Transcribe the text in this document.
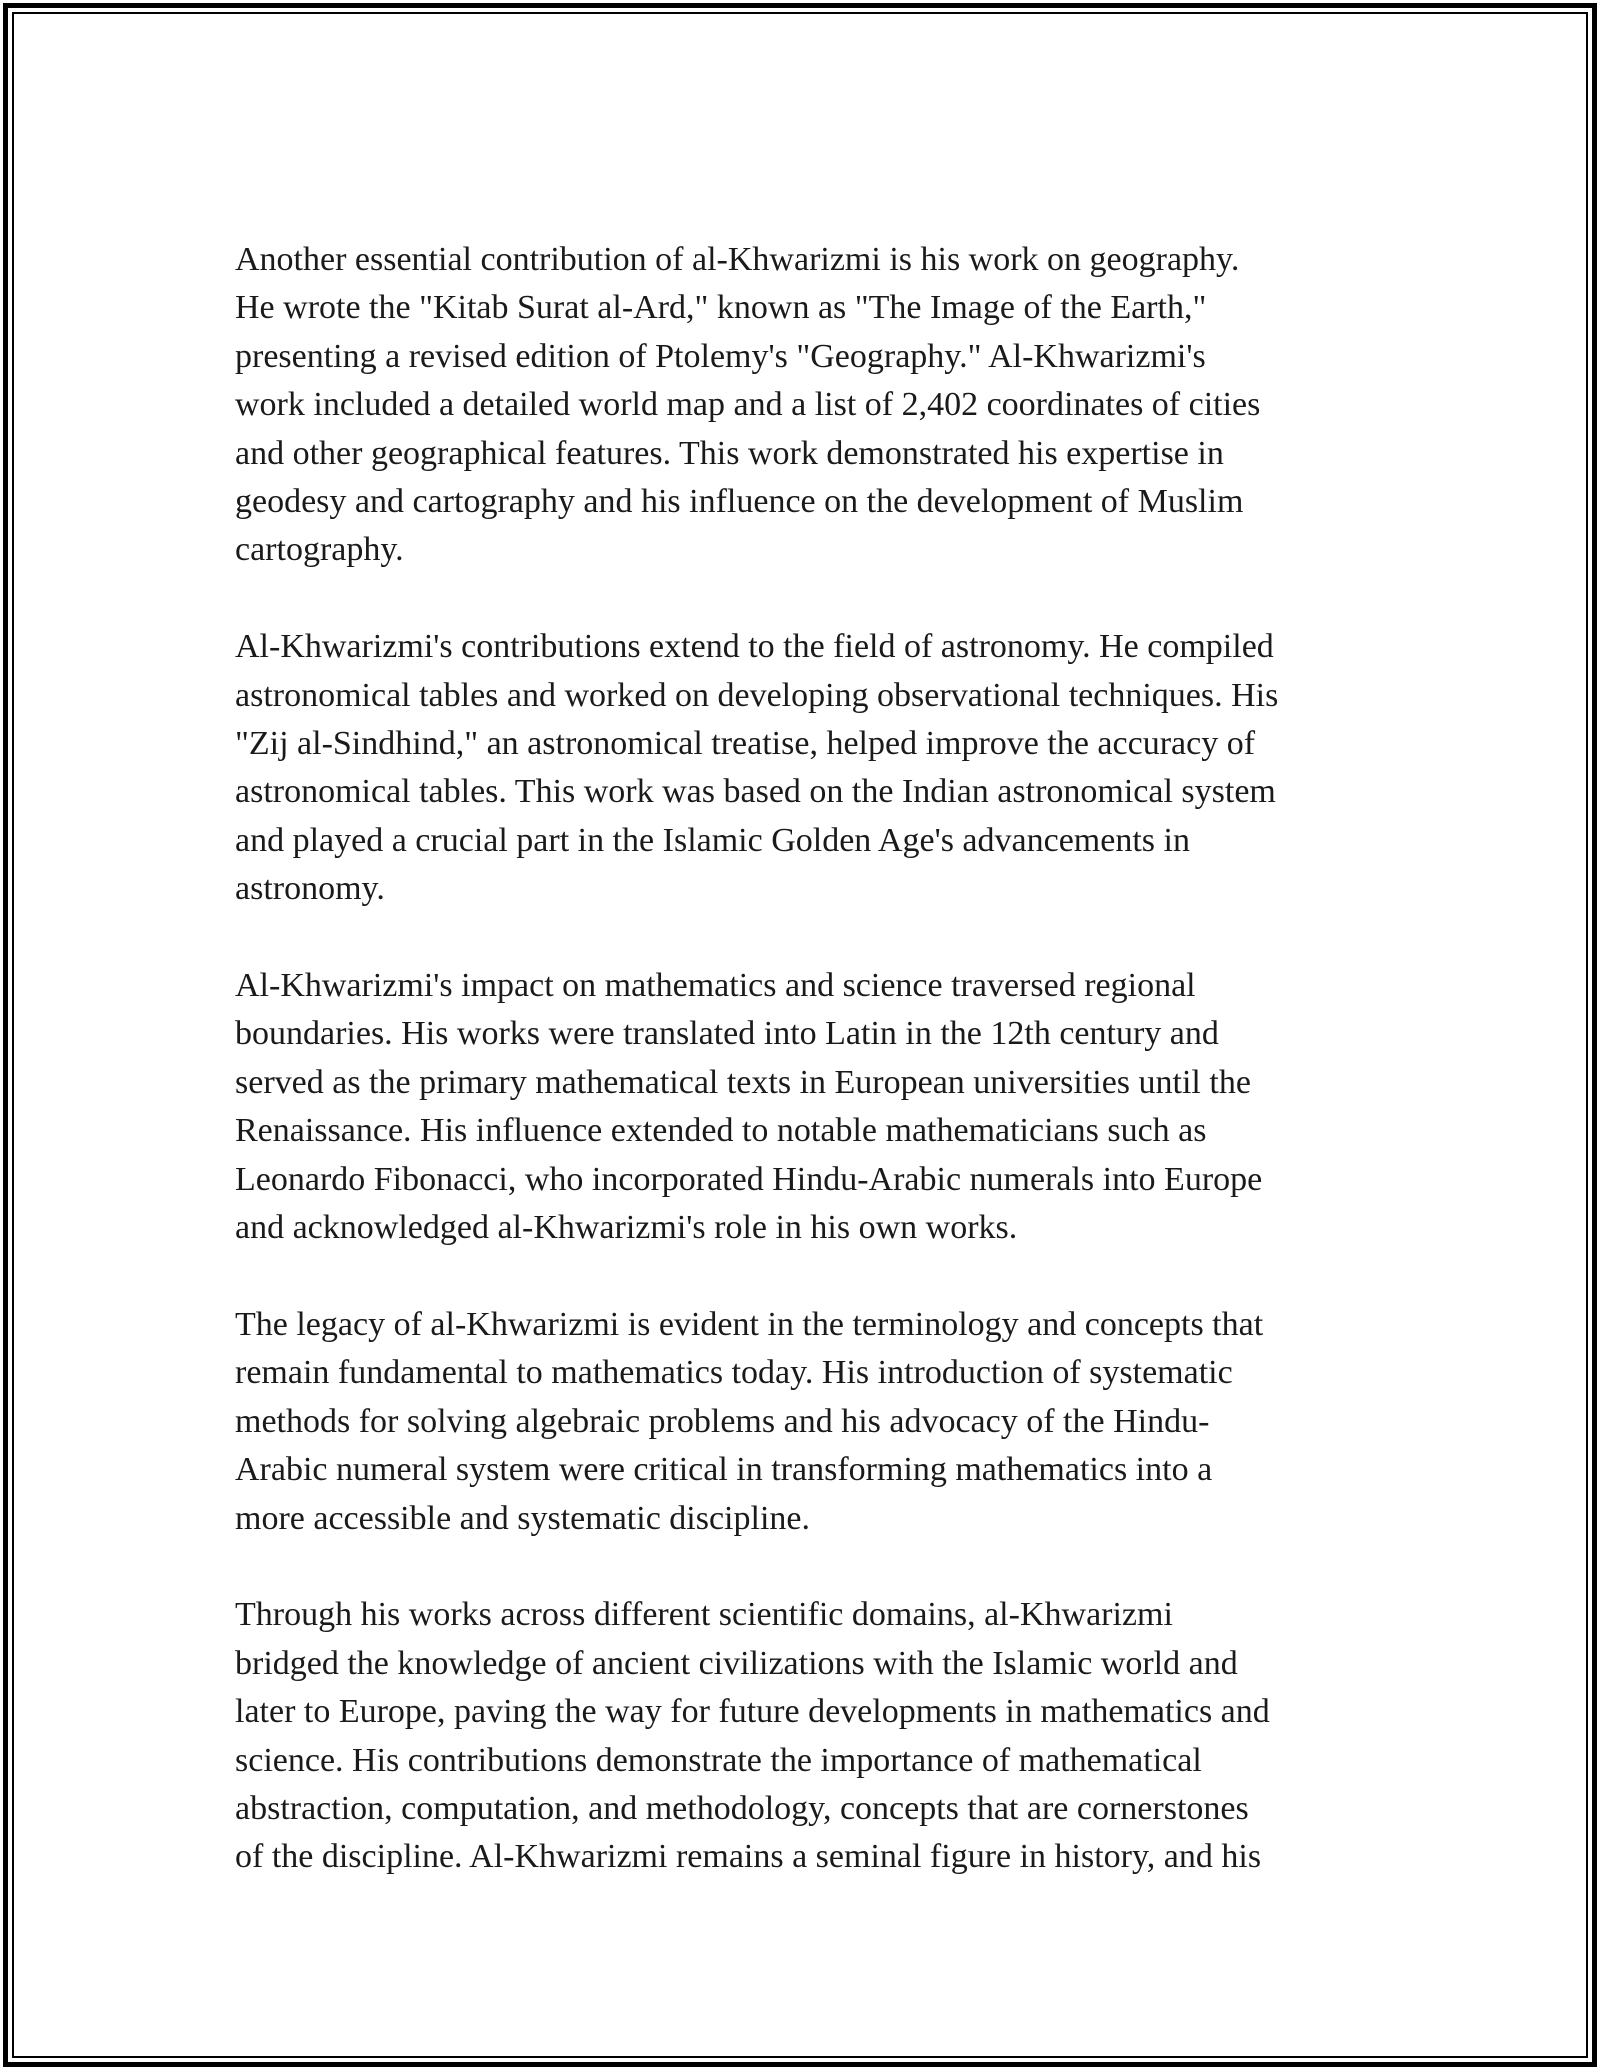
Another essential contribution of al-Khwarizmi is his work on geography.
He wrote the "Kitab Surat al-Ard," known as "The Image of the Earth,"
presenting a revised edition of Ptolemy's "Geography." Al-Khwarizmi's
work included a detailed world map and a list of 2,402 coordinates of cities
and other geographical features. This work demonstrated his expertise in
geodesy and cartography and his influence on the development of Muslim
cartography.

Al-Khwarizmi's contributions extend to the field of astronomy. He compiled
astronomical tables and worked on developing observational techniques. His
"Zij al-Sindhind," an astronomical treatise, helped improve the accuracy of
astronomical tables. This work was based on the Indian astronomical system
and played a crucial part in the Islamic Golden Age's advancements in
astronomy.

Al-Khwarizmi's impact on mathematics and science traversed regional
boundaries. His works were translated into Latin in the 12th century and
served as the primary mathematical texts in European universities until the
Renaissance. His influence extended to notable mathematicians such as
Leonardo Fibonacci, who incorporated Hindu-Arabic numerals into Europe
and acknowledged al-Khwarizmi's role in his own works.

The legacy of al-Khwarizmi is evident in the terminology and concepts that
remain fundamental to mathematics today. His introduction of systematic
methods for solving algebraic problems and his advocacy of the Hindu-
Arabic numeral system were critical in transforming mathematics into a
more accessible and systematic discipline.

Through his works across different scientific domains, al-Khwarizmi
bridged the knowledge of ancient civilizations with the Islamic world and
later to Europe, paving the way for future developments in mathematics and
science. His contributions demonstrate the importance of mathematical
abstraction, computation, and methodology, concepts that are cornerstones
of the discipline. Al-Khwarizmi remains a seminal figure in history, and his
